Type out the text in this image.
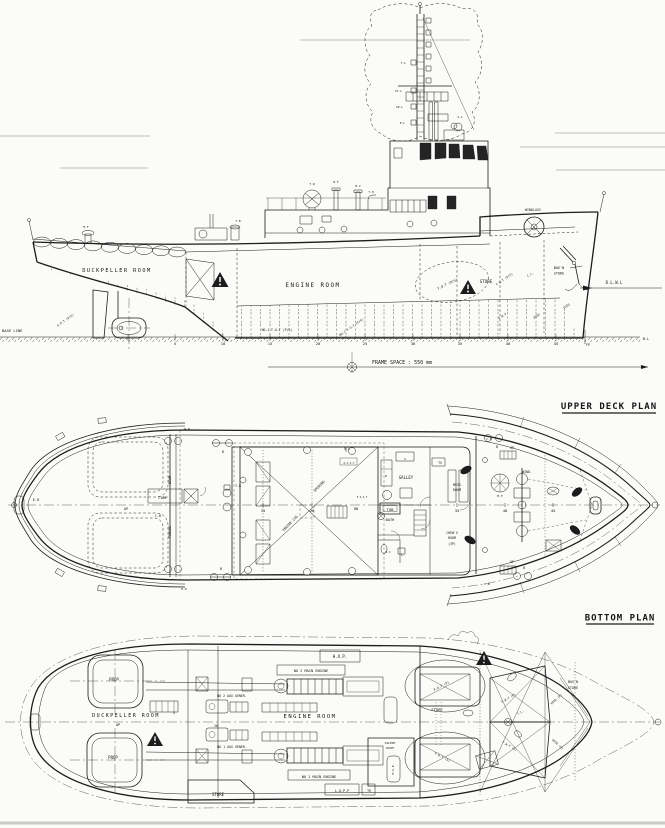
FRAME SPACE : 550 mm
DUCKPELLER ROOM
ENGINE ROOM
STORE
BOS'N
STORE
WINDLASS
D.L.W.L
B.L
BASE LINE
5	10	15	20	25	30	35	40	45	FP
T.L
ST.L
SP.L
P.L
S.L
T.W	M.F
M.V
T.H
T.B
M.F
A.P.T (P/S)
NO.1 F.O.T (P/S)	NO.2 F.O.T (P/S)
F.O.T (P/S)	F.W.T (P/S)	C.L.
F.W.T	VOID
VOID
UPPER DECK PLAN
E.R
AP
C.B
TOWING
BEAM
COMP
T.B
H.P
H.P
B
B
B
B
V.L
A.S.S.T
OPENING
ENGINE CSG
DN
F.S.S.T
TUB
BATH
GALLEY
R
S
W.C
L.
TV
MESS
ROOM
CREW'S
ROOM
(3P)
UP
UP
WIND.
M.F
C.B
C.B
15	20	35	40	45
BOTTOM PLAN
DUCKPELLER ROOM
AP
PROP
PROP
5
10
STORE
H.O.P.
NO 2 MAIN ENGINE
NO 1 MAIN ENGINE
NO 2 AUX GENER.
NO 1 AUX GENER.
ENGINE ROOM
L.O.P.P	TR
M.S.B
SILENT
ROOM
F.O.T (P)
F.O.T (S)
STORE
F.W.T (P)
F.W.T (S)
C.L.
VOID (P)
VOID (S)
BOS'N
STORE
